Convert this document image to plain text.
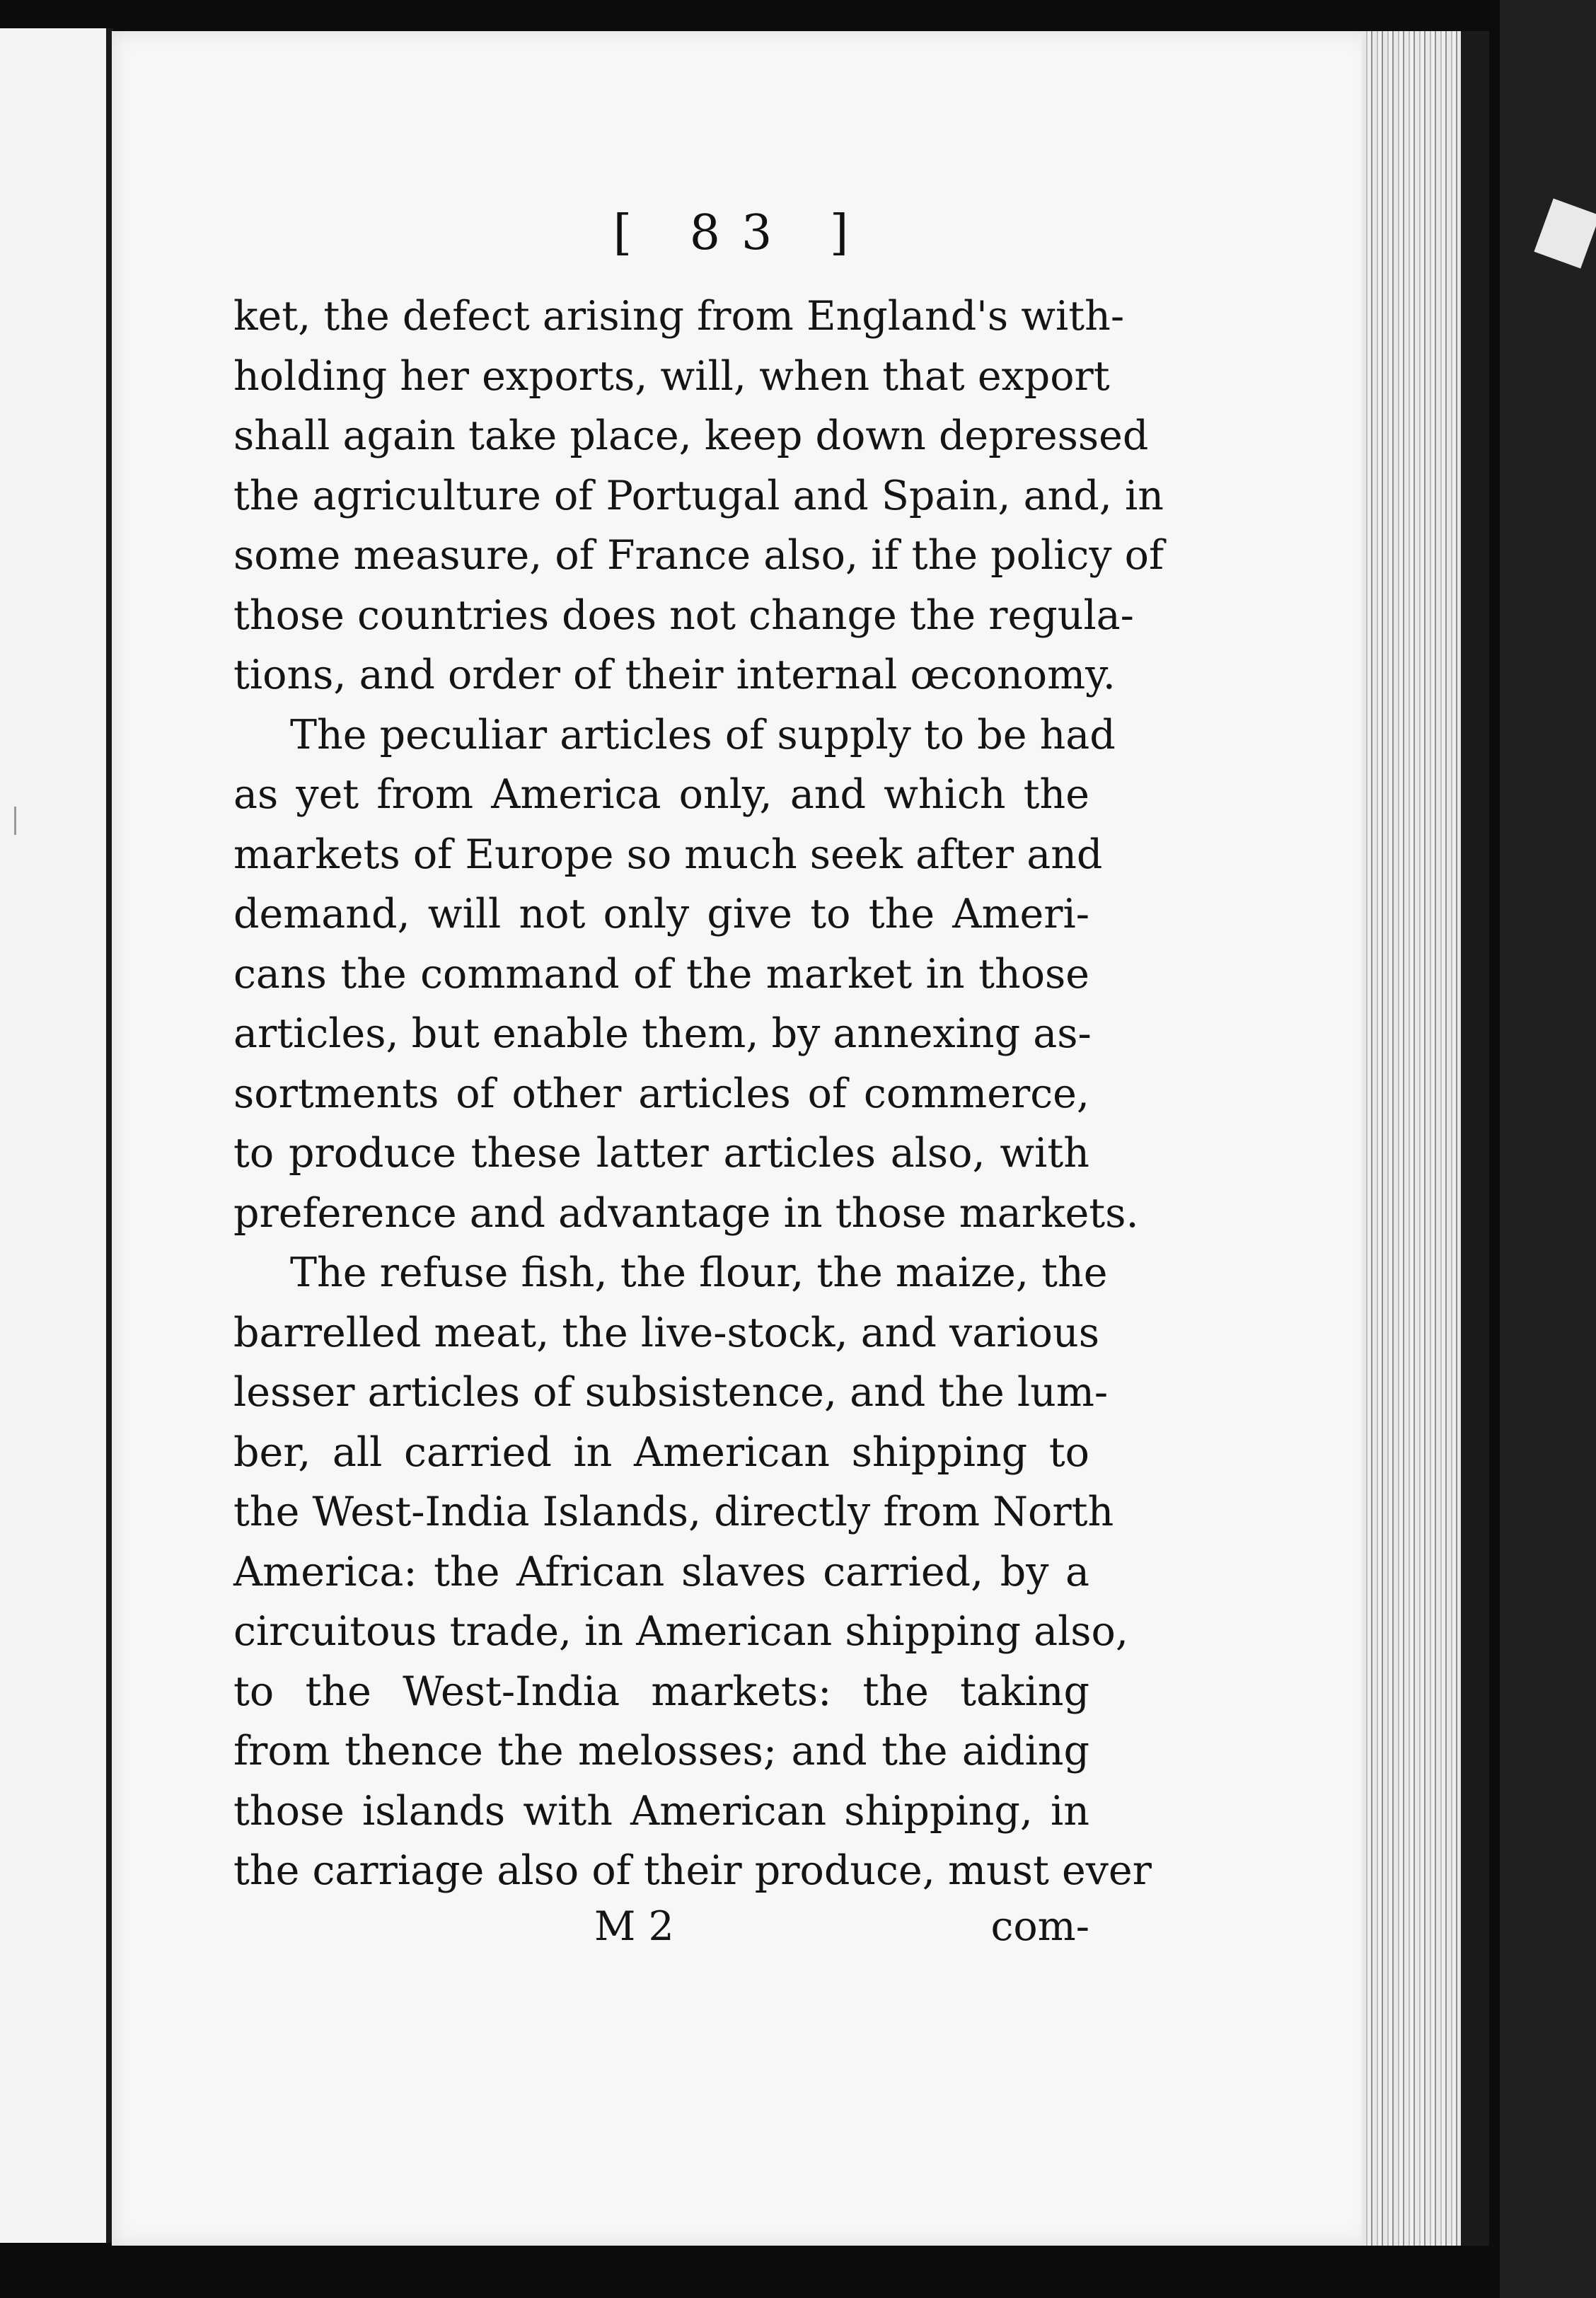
[ 83 ]
ket, the defect arising from England's with-
holding her exports, will, when that export
shall again take place, keep down depressed
the agriculture of Portugal and Spain, and, in
some measure, of France also, if the policy of
those countries does not change the regula-
tions, and order of their internal œconomy.
The peculiar articles of supply to be had
as yet from America only, and which the
markets of Europe so much seek after and
demand, will not only give to the Ameri-
cans the command of the market in those
articles, but enable them, by annexing as-
sortments of other articles of commerce,
to produce these latter articles also, with
preference and advantage in those markets.
The refuse fish, the flour, the maize, the
barrelled meat, the live-stock, and various
lesser articles of subsistence, and the lum-
ber, all carried in American shipping to
the West-India Islands, directly from North
America: the African slaves carried, by a
circuitous trade, in American shipping also,
to the West-India markets: the taking
from thence the melosses; and the aiding
those islands with American shipping, in
the carriage also of their produce, must ever
M 2	com-
